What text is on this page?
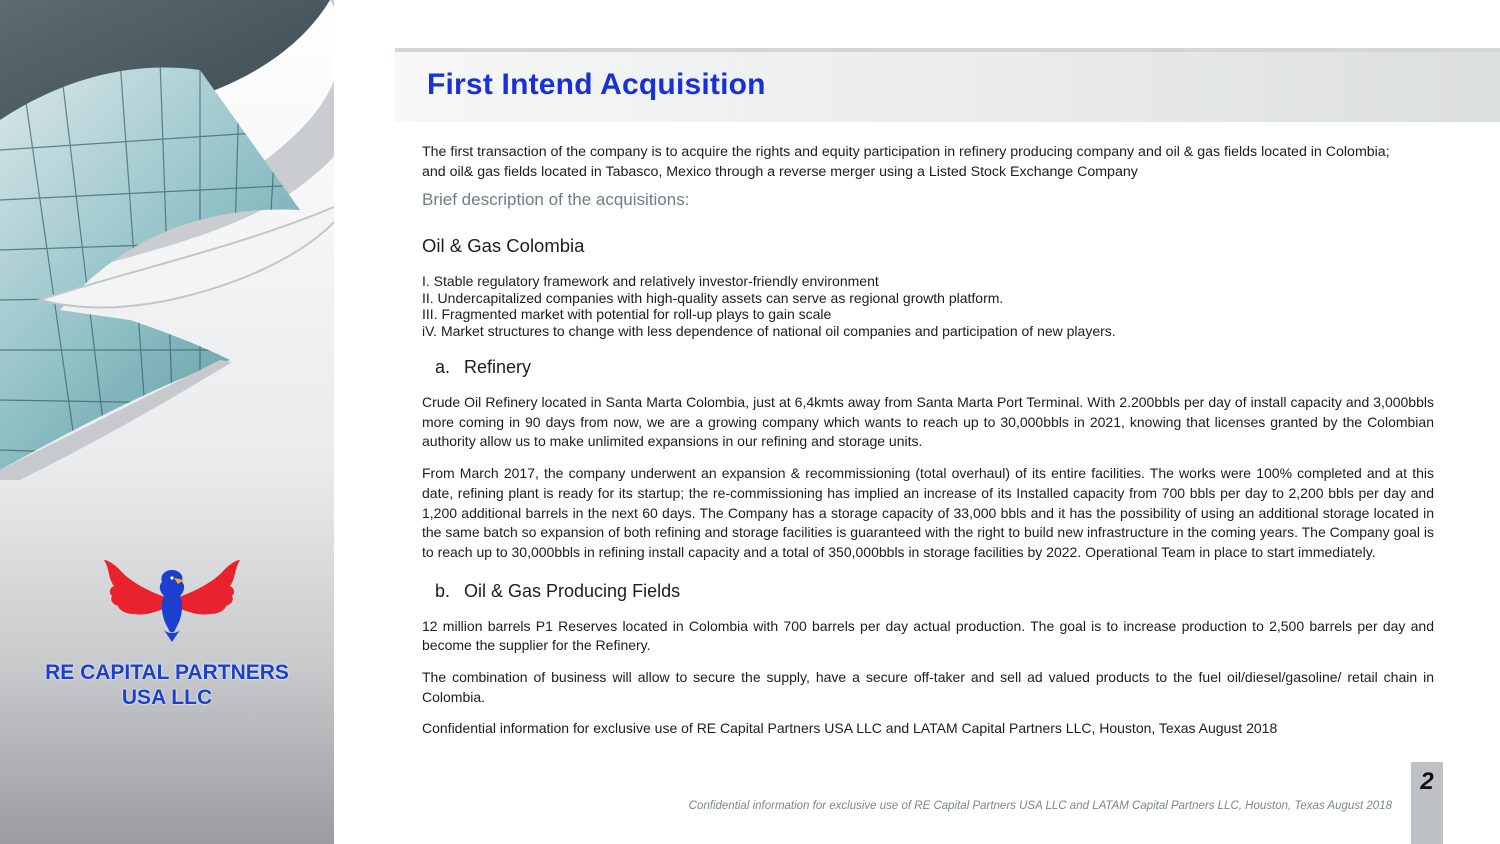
RE CAPITAL PARTNERS
USA LLC
First Intend Acquisition

The first transaction of the company is to acquire the rights and equity participation in refinery producing company and oil & gas fields located in Colombia; and oil& gas fields located in Tabasco, Mexico through a reverse merger using a Listed Stock Exchange Company

Brief description of the acquisitions:

Oil & Gas Colombia
I. Stable regulatory framework and relatively investor-friendly environment
II. Undercapitalized companies with high-quality assets can serve as regional growth platform.
III. Fragmented market with potential for roll-up plays to gain scale
iV. Market structures to change with less dependence of national oil companies and participation of new players.
a. Refinery

Crude Oil Refinery located in Santa Marta Colombia, just at 6,4kmts away from Santa Marta Port Terminal. With 2.200bbls per day of install capacity and 3,000bbls more coming in 90 days from now, we are a growing company which wants to reach up to 30,000bbls in 2021, knowing that licenses granted by the Colombian authority allow us to make unlimited expansions in our refining and storage units.

From March 2017, the company underwent an expansion & recommissioning (total overhaul) of its entire facilities. The works were 100% completed and at this date, refining plant is ready for its startup; the re-commissioning has implied an increase of its Installed capacity from 700 bbls per day to 2,200 bbls per day and 1,200 additional barrels in the next 60 days. The Company has a storage capacity of 33,000 bbls and it has the possibility of using an additional storage located in the same batch so expansion of both refining and storage facilities is guaranteed with the right to build new infrastructure in the coming years. The Company goal is to reach up to 30,000bbls in refining install capacity and a total of 350,000bbls in storage facilities by 2022. Operational Team in place to start immediately.

b. Oil & Gas Producing Fields

12 million barrels P1 Reserves located in Colombia with 700 barrels per day actual production. The goal is to increase production to 2,500 barrels per day and become the supplier for the Refinery.

The combination of business will allow to secure the supply, have a secure off-taker and sell ad valued products to the fuel oil/diesel/gasoline/ retail chain in Colombia.

Confidential information for exclusive use of RE Capital Partners USA LLC and LATAM Capital Partners LLC, Houston, Texas August 2018

Confidential information for exclusive use of RE Capital Partners USA LLC and LATAM Capital Partners LLC, Houston, Texas August 2018
2
